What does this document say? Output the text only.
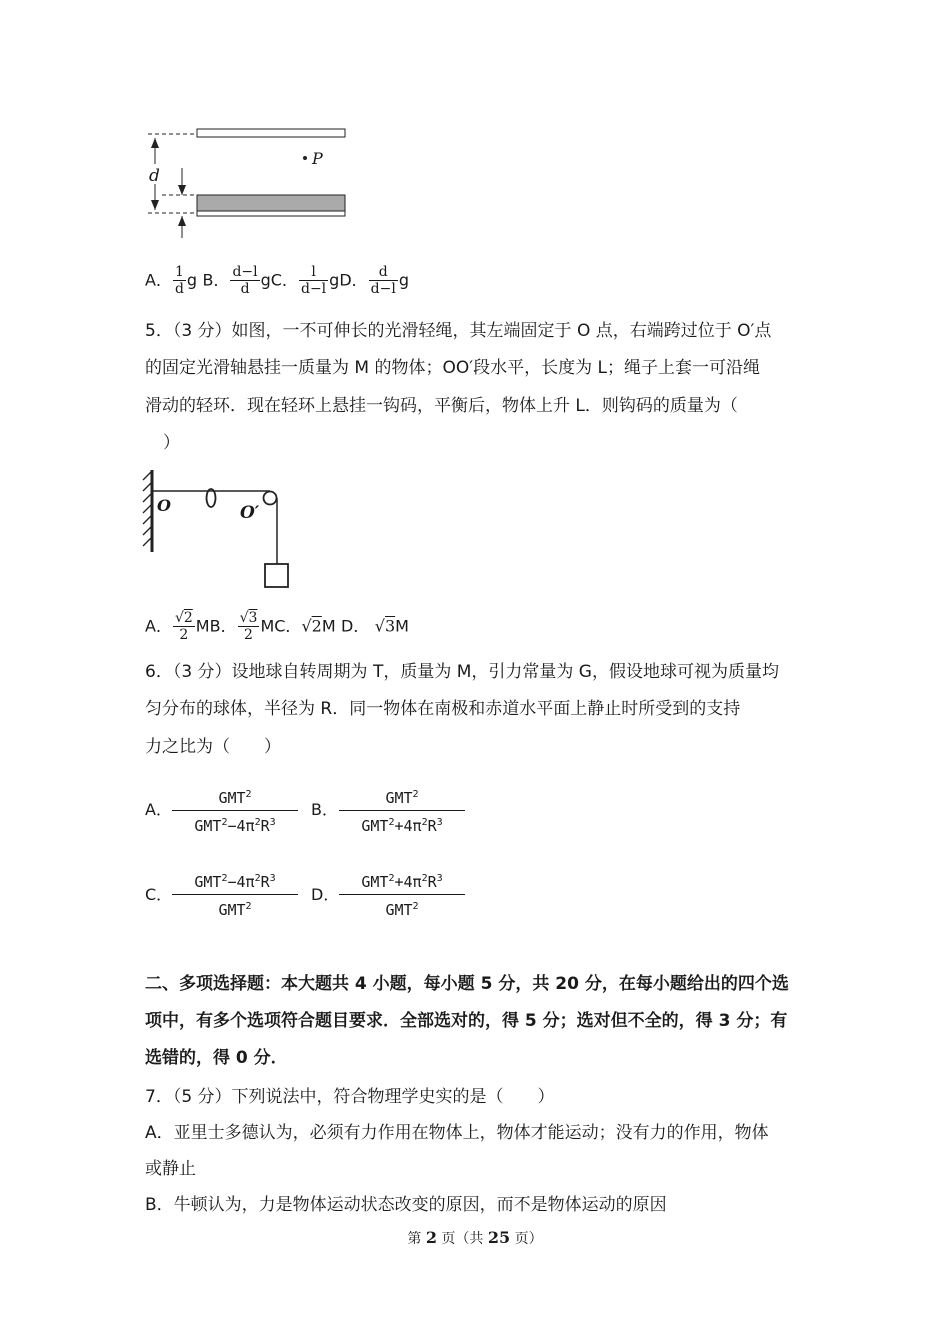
d
P
A． $\frac{1}{d}$ g B． $\frac{d-l}{d}$ gC． $\frac{l}{d-l}$ gD． $\frac{d}{d-l}$ g
5．（3 分）如图，一不可伸长的光滑轻绳，其左端固定于 O 点，右端跨过位于 O′点
的固定光滑轴悬挂一质量为 M 的物体；OO′段水平，长度为 L；绳子上套一可沿绳
滑动的轻环．现在轻环上悬挂一钩码，平衡后，物体上升 L．则钩码的质量为（
）
O	O′
A． $\frac{√2}{2}$ MB． $\frac{√3}{2}$ MC．√2M D． √3M
6．（3 分）设地球自转周期为 T，质量为 M，引力常量为 G，假设地球可视为质量均
匀分布的球体，半径为 R．同一物体在南极和赤道水平面上静止时所受到的支持
力之比为（　　）
A．
GMT$^2$
$GMT^2-4\pi^2R^3$
B．
GMT$^2$
$GMT^2+4\pi^2R^3$
C．
$GMT^2-4\pi^2R^3$
GMT$^2$
D．
$GMT^2+4\pi^2R^3$
GMT$^2$
二、多项选择题：本大题共 4 小题，每小题 5 分，共 20 分，在每小题给出的四个选
项中，有多个选项符合题目要求．全部选对的，得 5 分；选对但不全的，得 3 分；有
选错的，得 0 分．
7．（5 分）下列说法中，符合物理学史实的是（　　）
A．亚里士多德认为，必须有力作用在物体上，物体才能运动；没有力的作用，物体
或静止
B．牛顿认为，力是物体运动状态改变的原因，而不是物体运动的原因
第 2 页（共 25 页）
